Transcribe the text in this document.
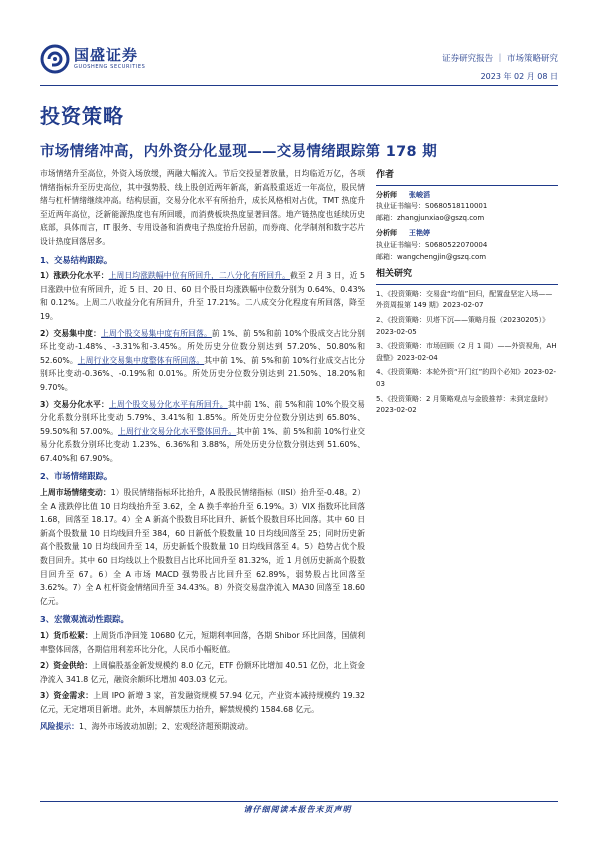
国盛证券
GUOSHENG SECURITIES
证券研究报告 ｜ 市场策略研究
2023 年 02 月 08 日
投资策略
市场情绪冲高，内外资分化显现——交易情绪跟踪第 178 期

市场情绪升至高位，外资入场放缓，两融大幅流入。节后交投显著放量，日均临近万亿，各项情绪指标升至历史高位，其中强势股、线上股创近两年新高，新高股重返近一年高位，股民情绪与杠杆情绪继续冲高。结构层面，交易分化水平有所抬升，成长风格相对占优，TMT 热度升至近两年高位，泛新能源热度也有所回暖，而消费板块热度显著回落。地产链热度也延续历史底部，具体而言，IT 服务、专用设备和消费电子热度抬升居前，而券商、化学制剂和数字芯片设计热度回落居多。

1、交易结构跟踪。

1）涨跌分化水平：上周日均涨跌幅中位有所回升，二八分化有所回升。截至 2 月 3 日，近 5 日涨跌中位有所回升，近 5 日、20 日、60 日个股日均涨跌幅中位数分别为 0.64%、0.43%和 0.12%。上周二八收益分化有所回升，升至 17.21%。二八成交分化程度有所回落，降至 19。

2）交易集中度：上周个股交易集中度有所回落。前 1%、前 5%和前 10%个股成交占比分别环比变动-1.48%、-3.31%和-3.45%。所处历史分位数分别达到 57.20%、50.80%和 52.60%。上周行业交易集中度整体有所回落。其中前 1%、前 5%和前 10%行业成交占比分别环比变动-0.36%、-0.19%和 0.01%。所处历史分位数分别达到 21.50%、18.20%和 9.70%。

3）交易分化水平：上周个股交易分化水平有所回升。其中前 1%、前 5%和前 10%个股交易分化系数分别环比变动 5.79%、3.41%和 1.85%。所处历史分位数分别达到 65.80%、59.50%和 57.00%。上周行业交易分化水平整体回升。其中前 1%、前 5%和前 10%行业交易分化系数分别环比变动 1.23%、6.36%和 3.88%，所处历史分位数分别达到 51.60%、67.40%和 67.90%。

2、市场情绪跟踪。

上周市场情绪变动：1）股民情绪指标环比抬升，A 股股民情绪指标（IISI）抬升至-0.48。2）全 A 涨跌停比值 10 日均线抬升至 3.62，全 A 换手率抬升至 6.19%。3）VIX 指数环比回落 1.68，回落至 18.17。4）全 A 新高个股数目环比回升、新低个股数目环比回落。其中 60 日新高个股数量 10 日均线回升至 384，60 日新低个股数量 10 日均线回落至 25；同时历史新高个股数量 10 日均线回升至 14，历史新低个股数量 10 日均线回落至 4。5）趋势占优个股数目回升。其中 60 日均线以上个股数目占比环比回升至 81.32%，近 1 月创历史新高个股数目回升至 67。6）全 A 市场 MACD 强势股占比回升至 62.89%，弱势股占比回落至 3.62%。7）全 A 杠杆资金情绪回升至 34.43%。8）外资交易盘净流入 MA30 回落至 18.60 亿元。

3、宏微观流动性跟踪。

1）货币松紧：上周货币净回笼 10680 亿元，短期利率回落，各期 Shibor 环比回落，国债利率整体回落，各期信用利差环比分化，人民币小幅贬值。

2）资金供给：上周偏股基金新发规模约 8.0 亿元，ETF 份额环比增加 40.51 亿份，北上资金净流入 341.8 亿元，融资余额环比增加 403.03 亿元。

3）资金需求：上周 IPO 新增 3 家，首发融资规模 57.94 亿元，产业资本减持规模约 19.32 亿元，无定增项目新增。此外，本周解禁压力抬升，解禁规模约 1584.68 亿元。

风险提示：1、海外市场波动加剧；2、宏观经济超预期波动。

作者
分析师 张峻滔
执业证书编号：S0680518110001
邮箱：zhangjunxiao@gszq.com
分析师 王艳婷
执业证书编号：S0680522070004
邮箱：wangchengjin@gszq.com
相关研究
1、《投资策略：交易盘“均值”回归，配置盘坚定入场——外资周报第 149 期》2023-02-07
2、《投资策略：贝塔下沉——策略月报（20230205）》2023-02-05
3、《投资策略：市场回顾（2 月 1 周）——外资视角，AH 盘整》2023-02-04
4、《投资策略：本轮外资“开门红”的四个必知》2023-02-03
5、《投资策略：2 月策略观点与金股推荐：未到定盘时》2023-02-02
请仔细阅读本报告末页声明
